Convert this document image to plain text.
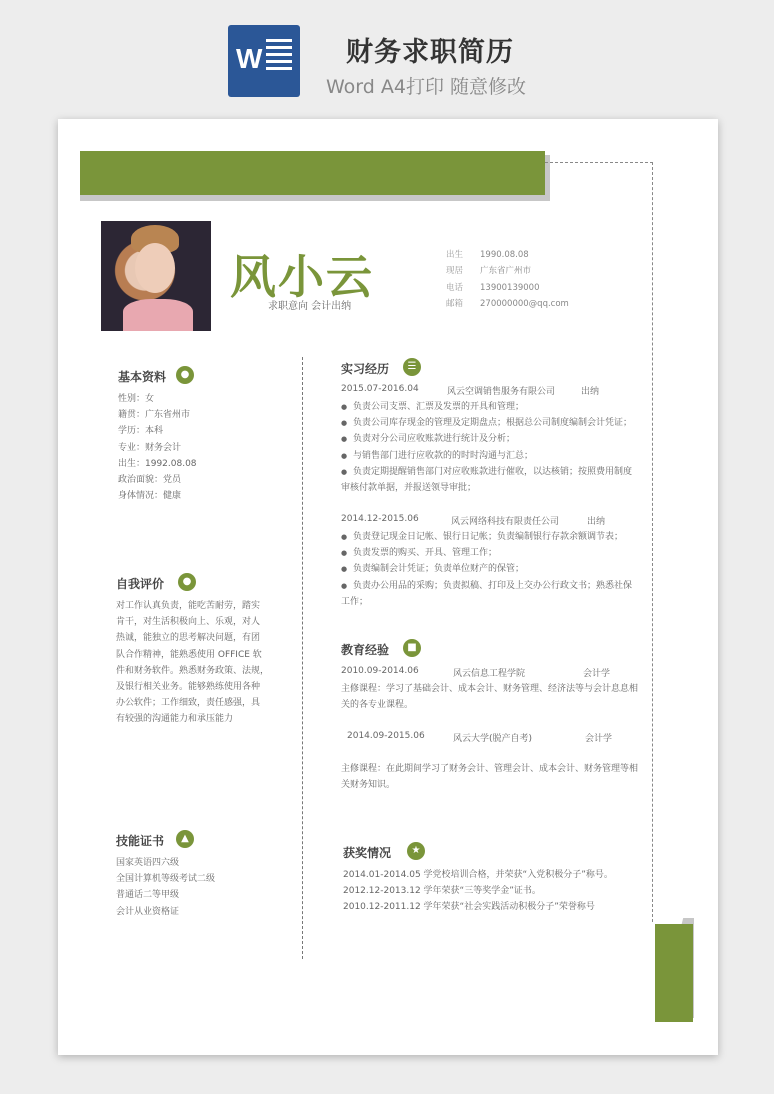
W	财务求职简历
Word A4打印 随意修改
风小云
求职意向 会计出纳
出生 1990.08.08
现居 广东省广州市
电话 13900139000
邮箱 270000000@qq.com
基本资料	●
性别：女
籍贯：广东省州市
学历：本科
专业：财务会计
出生：1992.08.08
政治面貌：党员
身体情况：健康
自我评价	●
对工作认真负责，能吃苦耐劳，踏实
肯干，对生活积极向上、乐观，对人
热诚，能独立的思考解决问题，有团
队合作精神，能熟悉使用 OFFICE 软
件和财务软件。熟悉财务政策、法规，
及银行相关业务。能够熟练使用各种
办公软件；工作细致，责任感强，具
有较强的沟通能力和承压能力
技能证书	▲
国家英语四六级
全国计算机等级考试二级
普通话二等甲级
会计从业资格证
实习经历	☰
2015.07-2016.04	风云空调销售服务有限公司	出纳
● 负责公司支票、汇票及发票的开具和管理；
● 负责公司库存现金的管理及定期盘点；根据总公司制度编制会计凭证；
● 负责对分公司应收账款进行统计及分析；
● 与销售部门进行应收款的的时时沟通与汇总；
● 负责定期提醒销售部门对应收账款进行催收，以达核销；按照费用制度
审核付款单据，并报送领导审批；
2014.12-2015.06	风云网络科技有限责任公司	出纳
● 负责登记现金日记帐、银行日记帐；负责编制银行存款余额调节表；
● 负责发票的购买、开具、管理工作；
● 负责编制会计凭证；负责单位财产的保管；
● 负责办公用品的采购；负责拟稿、打印及上交办公行政文书；熟悉社保
工作；
教育经验	■
2010.09-2014.06	风云信息工程学院	会计学
主修课程：学习了基础会计、成本会计、财务管理、经济法等与会计息息相
关的各专业课程。
2014.09-2015.06	风云大学(脱产自考)	会计学
主修课程：在此期间学习了财务会计、管理会计、成本会计、财务管理等相
关财务知识。
获奖情况	★
2014.01-2014.05 学党校培训合格，并荣获“入党积极分子”称号。
2012.12-2013.12 学年荣获“三等奖学金”证书。
2010.12-2011.12 学年荣获“社会实践活动积极分子”荣誉称号
